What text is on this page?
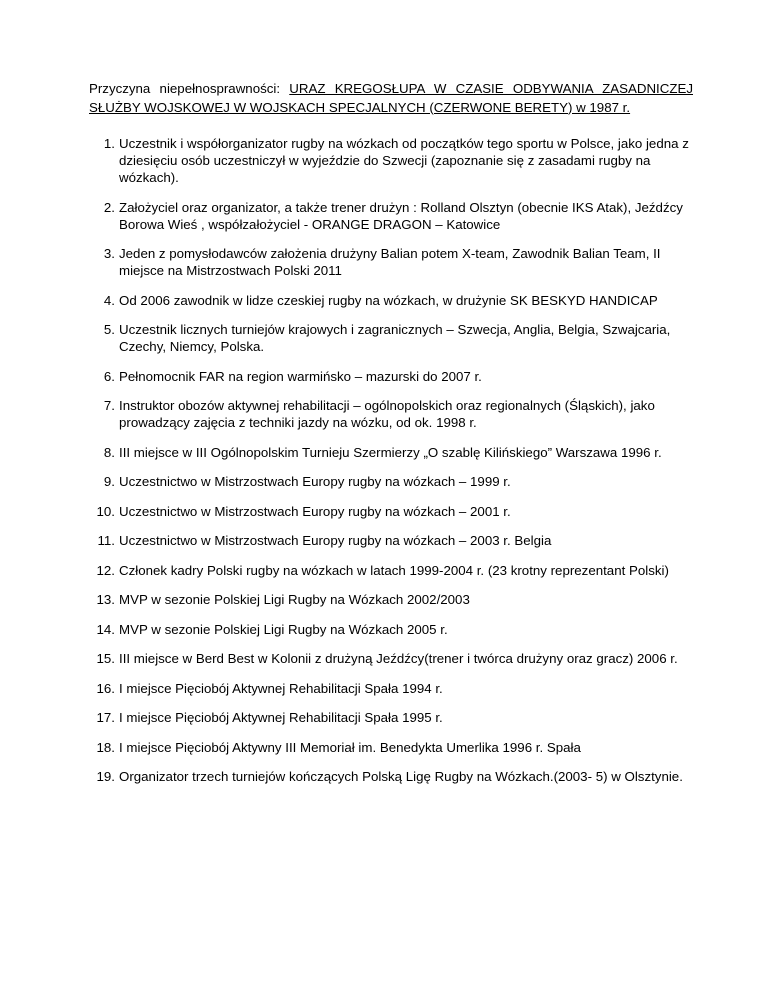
Przyczyna niepełnosprawności: URAZ KREGOSŁUPA W CZASIE ODBYWANIA ZASADNICZEJ SŁUŻBY WOJSKOWEJ W WOJSKACH SPECJALNYCH (CZERWONE BERETY) w 1987 r.

1. Uczestnik i współorganizator rugby na wózkach od początków tego sportu w Polsce, jako jedna z dziesięciu osób uczestniczył w wyjeździe do Szwecji (zapoznanie się z zasadami rugby na wózkach).
2. Założyciel oraz organizator, a także trener drużyn : Rolland Olsztyn (obecnie IKS Atak), Jeźdźcy Borowa Wieś , współzałożyciel - ORANGE DRAGON – Katowice
3. Jeden z pomysłodawców założenia drużyny Balian potem X-team, Zawodnik Balian Team, II miejsce na Mistrzostwach Polski 2011
4. Od 2006 zawodnik w lidze czeskiej rugby na wózkach, w drużynie SK BESKYD HANDICAP
5. Uczestnik licznych turniejów krajowych i zagranicznych – Szwecja, Anglia, Belgia, Szwajcaria, Czechy, Niemcy, Polska.
6. Pełnomocnik FAR na region warmińsko – mazurski do 2007 r.
7. Instruktor obozów aktywnej rehabilitacji – ogólnopolskich oraz regionalnych (Śląskich), jako prowadzący zajęcia z techniki jazdy na wózku, od ok. 1998 r.
8. III miejsce w III Ogólnopolskim Turnieju Szermierzy „O szablę Kilińskiego” Warszawa 1996 r.
9. Uczestnictwo w Mistrzostwach Europy rugby na wózkach – 1999 r.
10. Uczestnictwo w Mistrzostwach Europy rugby na wózkach – 2001 r.
11. Uczestnictwo w Mistrzostwach Europy rugby na wózkach – 2003 r. Belgia
12. Członek kadry Polski rugby na wózkach w latach 1999-2004 r. (23 krotny reprezentant Polski)
13. MVP w sezonie Polskiej Ligi Rugby na Wózkach 2002/2003
14. MVP w sezonie Polskiej Ligi Rugby na Wózkach 2005 r.
15. III miejsce w Berd Best w Kolonii z drużyną Jeźdźcy(trener i twórca drużyny oraz gracz) 2006 r.
16. I miejsce Pięciobój Aktywnej Rehabilitacji Spała 1994 r.
17. I miejsce Pięciobój Aktywnej Rehabilitacji Spała 1995 r.
18. I miejsce Pięciobój Aktywny III Memoriał im. Benedykta Umerlika 1996 r. Spała
19. Organizator trzech turniejów kończących Polską Ligę Rugby na Wózkach.(2003- 5) w Olsztynie.
